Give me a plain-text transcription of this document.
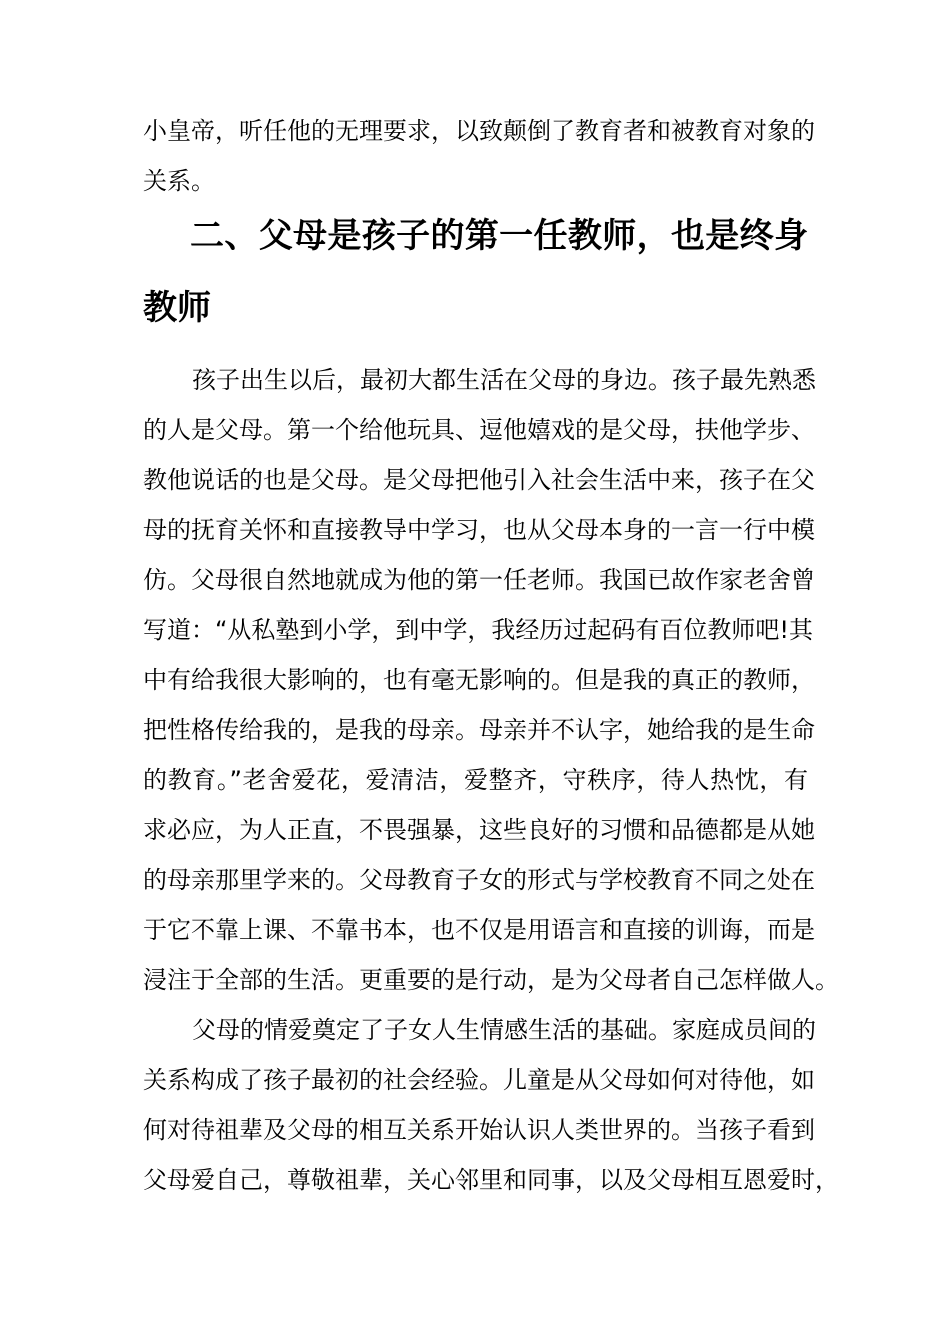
小皇帝，听任他的无理要求，以致颠倒了教育者和被教育对象的
关系。
二、父母是孩子的第一任教师，也是终身
教师
孩子出生以后，最初大都生活在父母的身边。孩子最先熟悉
的人是父母。第一个给他玩具、逗他嬉戏的是父母，扶他学步、
教他说话的也是父母。是父母把他引入社会生活中来，孩子在父
母的抚育关怀和直接教导中学习，也从父母本身的一言一行中模
仿。父母很自然地就成为他的第一任老师。我国已故作家老舍曾
写道：“从私塾到小学，到中学，我经历过起码有百位教师吧!其
中有给我很大影响的，也有毫无影响的。但是我的真正的教师，
把性格传给我的，是我的母亲。母亲并不认字，她给我的是生命
的教育。”老舍爱花，爱清洁，爱整齐，守秩序，待人热忱，有
求必应，为人正直，不畏强暴，这些良好的习惯和品德都是从她
的母亲那里学来的。父母教育子女的形式与学校教育不同之处在
于它不靠上课、不靠书本，也不仅是用语言和直接的训诲，而是
浸注于全部的生活。更重要的是行动，是为父母者自己怎样做人。
父母的情爱奠定了子女人生情感生活的基础。家庭成员间的
关系构成了孩子最初的社会经验。儿童是从父母如何对待他，如
何对待祖辈及父母的相互关系开始认识人类世界的。当孩子看到
父母爱自己，尊敬祖辈，关心邻里和同事，以及父母相互恩爱时，
